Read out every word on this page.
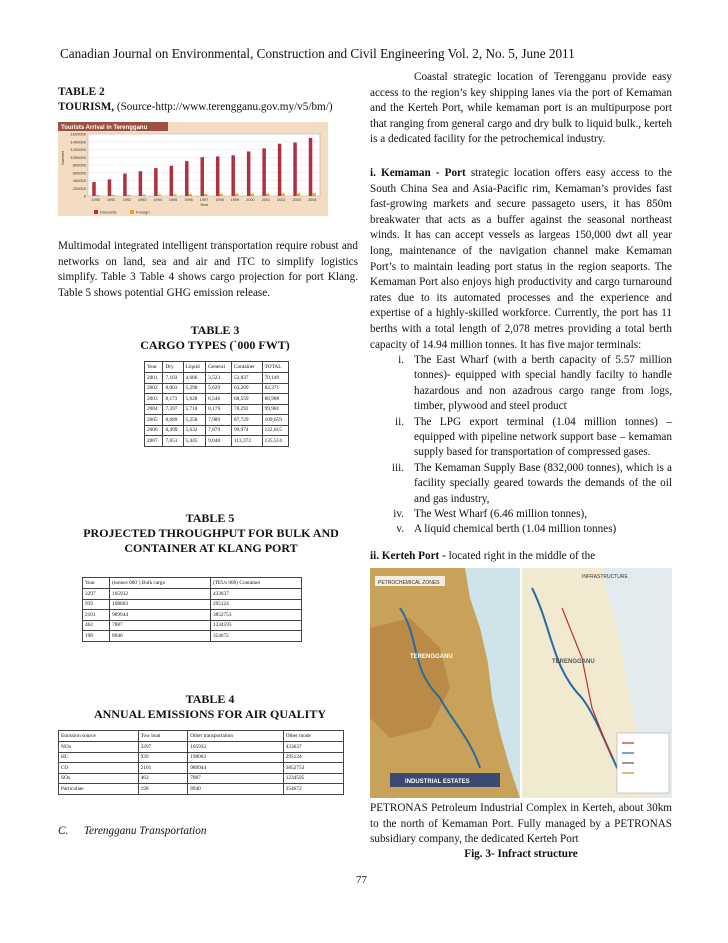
Canadian Journal on Environmental, Construction and Civil Engineering Vol. 2, No. 5, June 2011
TABLE 2
TOURISM, (Source-http://www.terengganu.gov.my/v5/bm/)
Tourists Arrival in Terengganu
0
200000
400000
600000
800000
1000000
1200000
1400000
1600000
Number
1990 1991 1992 1993 1994 1995 1996 1997 1998 1999 2000 2001 2002 2003 2004
Year
Domestic	Foreign
Multimodal integrated intelligent transportation require robust and networks on land, sea and air and ITC to simplify logistics simplify. Table 3 Table 4 shows cargo projection for port Klang. Table 5 shows potential GHG emission release.
TABLE 3
CARGO TYPES (`000 FWT)
Year	Dry	Liquid	General	Container	TOTAL
2001	7,103	4,686	3,523	52,837	70,149
2002	8,003	5,290	5,629	63,209	82,371
2003	8,173	5,628	6,546	68,559	88,988
2004	7,397	5,718	8,179	78,292	99,981
2005	8,689	5,258	7,989	87,729	109,659
2006	8,499	5,632	7,879	99,974	122,015
2007	7,651	5,445	9,048	113,372	135,514
TABLE 5
PROJECTED THROUGHPUT FOR BULK AND CONTAINER AT KLANG PORT
Year	(tonnes 000`) Bulk cargo	(TEUs 000) Container
3297	105932	433637
939	198063	295124
2101	989944	3852753
462	7887	1234595
198	8940	354672
TABLE 4
ANNUAL EMISSIONS FOR AIR QUALITY
Emission source	Tow boat	Other transportation	Other mode
NOx	3297	105932	433637
HC	939	198063	295124
CO	2101	989944	3852753
SOx	462	7887	1234595
Particulate	198	8940	354672
C. Terengganu Transportation
Coastal strategic location of Terengganu provide easy access to the region’s key shipping lanes via the port of Kemaman and the Kerteh Port, while kemaman port is an multipurpose port that ranging from general cargo and dry bulk to liquid bulk., kerteh is a dedicated facility for the petrochemical industry.
i. Kemaman - Port strategic location offers easy access to the South China Sea and Asia-Pacific rim, Kemaman’s provides fast fast-growing markets and secure passageto users, it has 850m breakwater that acts as a buffer against the seasonal northeast winds. It has can accept vessels as largeas 150,000 dwt all year long, maintenance of the navigation channel make Kemaman Port’s to maintain leading port status in the region seaports. The Kemaman Port also enjoys high productivity and cargo turnaround rates due to its automated processes and the experience and expertise of a highly-skilled workforce. Currently, the port has 11 berths with a total length of 2,078 metres providing a total berth capacity of 14.94 million tonnes. It has five major terminals:
i. The East Wharf (with a berth capacity of 5.57 million tonnes)- equipped with special handly facilty to handle hazardous and non azadrous cargo range from logs, timber, plywood and steel product
ii. The LPG export terminal (1.04 million tonnes) – equipped with pipeline network support base – kemaman supply based for transportation of compressed gases.
iii. The Kemaman Supply Base (832,000 tonnes), which is a facility specially geared towards the demands of the oil and gas industry,
iv. The West Wharf (6.46 million tonnes),
v. A liquid chemical berth (1.04 million tonnes)
ii. Kerteh Port - located right in the middle of the
PETROCHEMICAL ZONES
TERENGGANU
INDUSTRIAL ESTATES
INFRASTRUCTURE
TERENGGANU
PETRONAS Petroleum Industrial Complex in Kerteh, about 30km to the north of Kemaman Port. Fully managed by a PETRONAS subsidiary company, the dedicated Kerteh Port
Fig. 3- Infract structure
77
